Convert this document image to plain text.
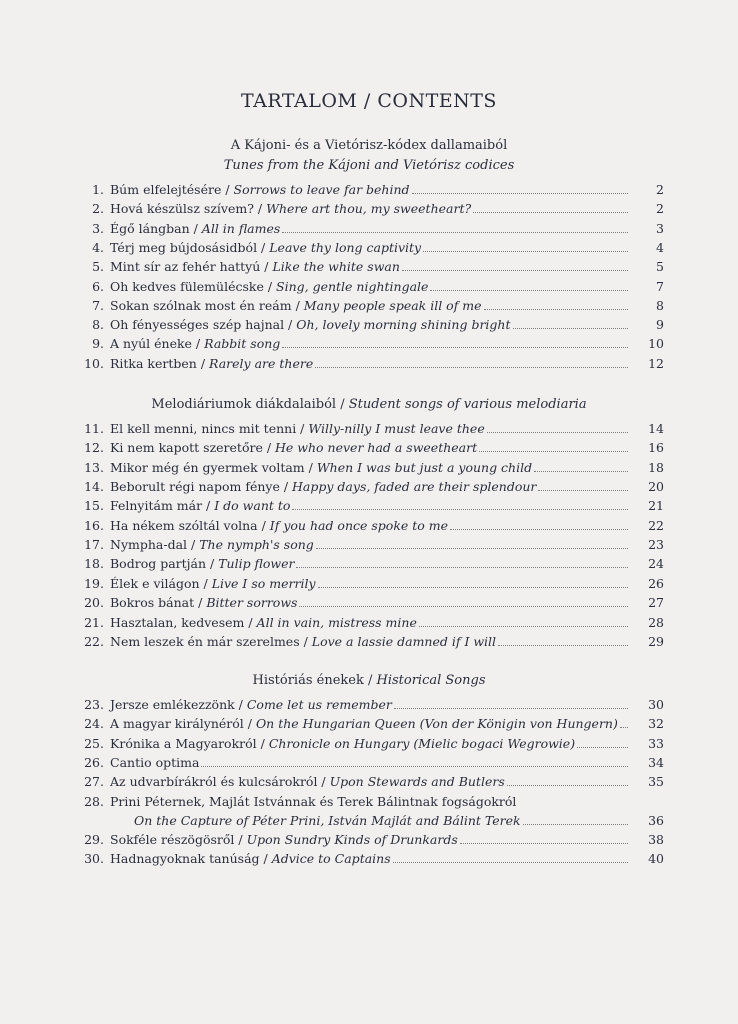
TARTALOM / CONTENTS
A Kájoni- és a Vietórisz-kódex dallamaiból
Tunes from the Kájoni and Vietórisz codices
Melodiáriumok diákdalaiból / Student songs of various melodiaria
Históriás énekek / Historical Songs
1. Búm elfelejtésére / Sorrows to leave far behind	2
2. Hová készülsz szívem? / Where art thou, my sweetheart?	2
3. Égő lángban / All in flames	3
4. Térj meg bújdosásidból / Leave thy long captivity	4
5. Mint sír az fehér hattyú / Like the white swan	5
6. Oh kedves fülemülécske / Sing, gentle nightingale	7
7. Sokan szólnak most én reám / Many people speak ill of me	8
8. Oh fényességes szép hajnal / Oh, lovely morning shining bright	9
9. A nyúl éneke / Rabbit song	10
10. Ritka kertben / Rarely are there	12
11. El kell menni, nincs mit tenni / Willy-nilly I must leave thee	14
12. Ki nem kapott szeretőre / He who never had a sweetheart	16
13. Mikor még én gyermek voltam / When I was but just a young child	18
14. Beborult régi napom fénye / Happy days, faded are their splendour	20
15. Felnyitám már / I do want to	21
16. Ha nékem szóltál volna / If you had once spoke to me	22
17. Nympha-dal / The nymph's song	23
18. Bodrog partján / Tulip flower	24
19. Élek e világon / Live I so merrily	26
20. Bokros bánat / Bitter sorrows	27
21. Hasztalan, kedvesem / All in vain, mistress mine	28
22. Nem leszek én már szerelmes / Love a lassie damned if I will	29
23. Jersze emlékezzönk / Come let us remember	30
24. A magyar királynéról / On the Hungarian Queen (Von der Königin von Hungern)	32
25. Krónika a Magyarokról / Chronicle on Hungary (Mielic bogaci Wegrowie)	33
26. Cantio optima	34
27. Az udvarbírákról és kulcsárokról / Upon Stewards and Butlers	35
28. Prini Péternek, Majlát Istvánnak és Terek Bálintnak fogságokról
On the Capture of Péter Prini, István Majlát and Bálint Terek	36
29. Sokféle részögösről / Upon Sundry Kinds of Drunkards	38
30. Hadnagyoknak tanúság / Advice to Captains	40
